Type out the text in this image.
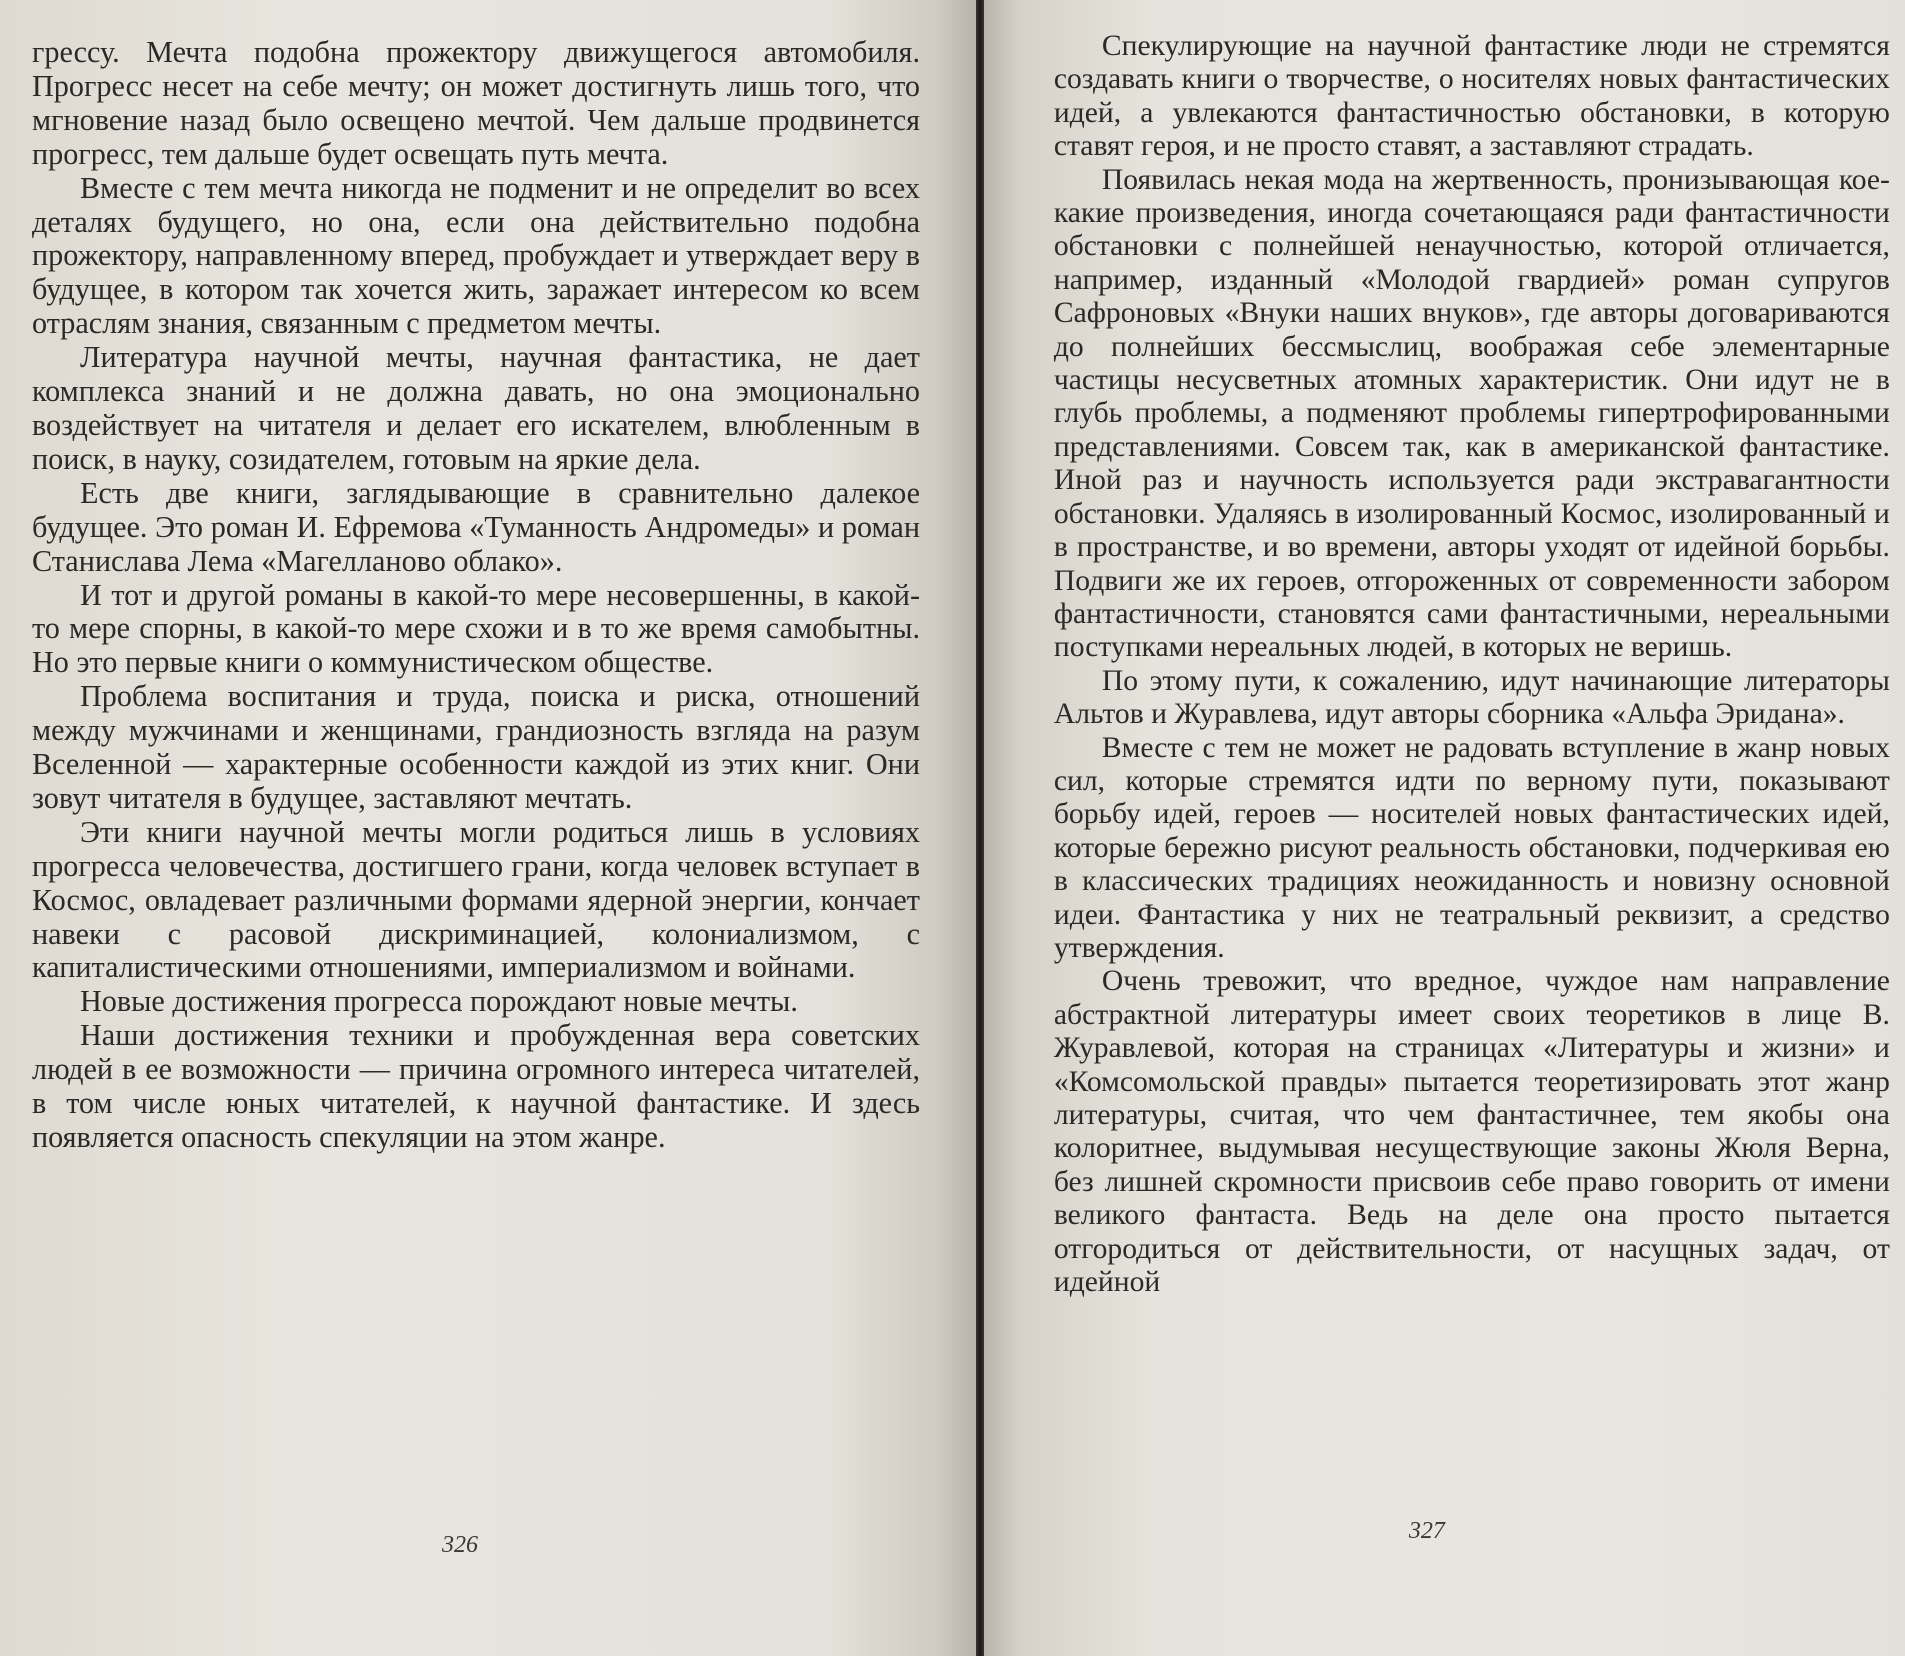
грессу. Мечта подобна прожектору движущегося автомобиля. Прогресс несет на себе мечту; он может достигнуть лишь того, что мгновение назад было освещено мечтой. Чем дальше продвинется прогресс, тем дальше будет освещать путь мечта.

Вместе с тем мечта никогда не подменит и не определит во всех деталях будущего, но она, если она действительно подобна прожектору, направленному вперед, пробуждает и утверждает веру в будущее, в котором так хочется жить, заражает интересом ко всем отраслям знания, связанным с предметом мечты.

Литература научной мечты, научная фантастика, не дает комплекса знаний и не должна давать, но она эмоционально воздействует на читателя и делает его искателем, влюбленным в поиск, в науку, созидателем, готовым на яркие дела.

Есть две книги, заглядывающие в сравнительно далекое будущее. Это роман И. Ефремова «Туманность Андромеды» и роман Станислава Лема «Магелланово облако».

И тот и другой романы в какой-то мере несовершенны, в какой-то мере спорны, в какой-то мере схожи и в то же время самобытны. Но это первые книги о коммунистическом обществе.

Проблема воспитания и труда, поиска и риска, отношений между мужчинами и женщинами, грандиозность взгляда на разум Вселенной — характерные особенности каждой из этих книг. Они зовут читателя в будущее, заставляют мечтать.

Эти книги научной мечты могли родиться лишь в условиях прогресса человечества, достигшего грани, когда человек вступает в Космос, овладевает различными формами ядерной энергии, кончает навеки с расовой дискриминацией, колониализмом, с капиталистическими отношениями, империализмом и войнами.

Новые достижения прогресса порождают новые мечты.

Наши достижения техники и пробужденная вера советских людей в ее возможности — причина огромного интереса читателей, в том числе юных читателей, к научной фантастике. И здесь появляется опасность спекуляции на этом жанре.

326

Спекулирующие на научной фантастике люди не стремятся создавать книги о творчестве, о носителях новых фантастических идей, а увлекаются фантастичностью обстановки, в которую ставят героя, и не просто ставят, а заставляют страдать.

Появилась некая мода на жертвенность, пронизывающая кое-какие произведения, иногда сочетающаяся ради фантастичности обстановки с полнейшей ненаучностью, которой отличается, например, изданный «Молодой гвардией» роман супругов Сафроновых «Внуки наших внуков», где авторы договариваются до полнейших бессмыслиц, воображая себе элементарные частицы несусветных атомных характеристик. Они идут не в глубь проблемы, а подменяют проблемы гипертрофированными представлениями. Совсем так, как в американской фантастике. Иной раз и научность используется ради экстравагантности обстановки. Удаляясь в изолированный Космос, изолированный и в пространстве, и во времени, авторы уходят от идейной борьбы. Подвиги же их героев, отгороженных от современности забором фантастичности, становятся сами фантастичными, нереальными поступками нереальных людей, в которых не веришь.

По этому пути, к сожалению, идут начинающие литераторы Альтов и Журавлева, идут авторы сборника «Альфа Эридана».

Вместе с тем не может не радовать вступление в жанр новых сил, которые стремятся идти по верному пути, показывают борьбу идей, героев — носителей новых фантастических идей, которые бережно рисуют реальность обстановки, подчеркивая ею в классических традициях неожиданность и новизну основной идеи. Фантастика у них не театральный реквизит, а средство утверждения.

Очень тревожит, что вредное, чуждое нам направление абстрактной литературы имеет своих теоретиков в лице В. Журавлевой, которая на страницах «Литературы и жизни» и «Комсомольской правды» пытается теоретизировать этот жанр литературы, считая, что чем фантастичнее, тем якобы она колоритнее, выдумывая несуществующие законы Жюля Верна, без лишней скромности присвоив себе право говорить от имени великого фантаста. Ведь на деле она просто пытается отгородиться от действительности, от насущных задач, от идейной

327
